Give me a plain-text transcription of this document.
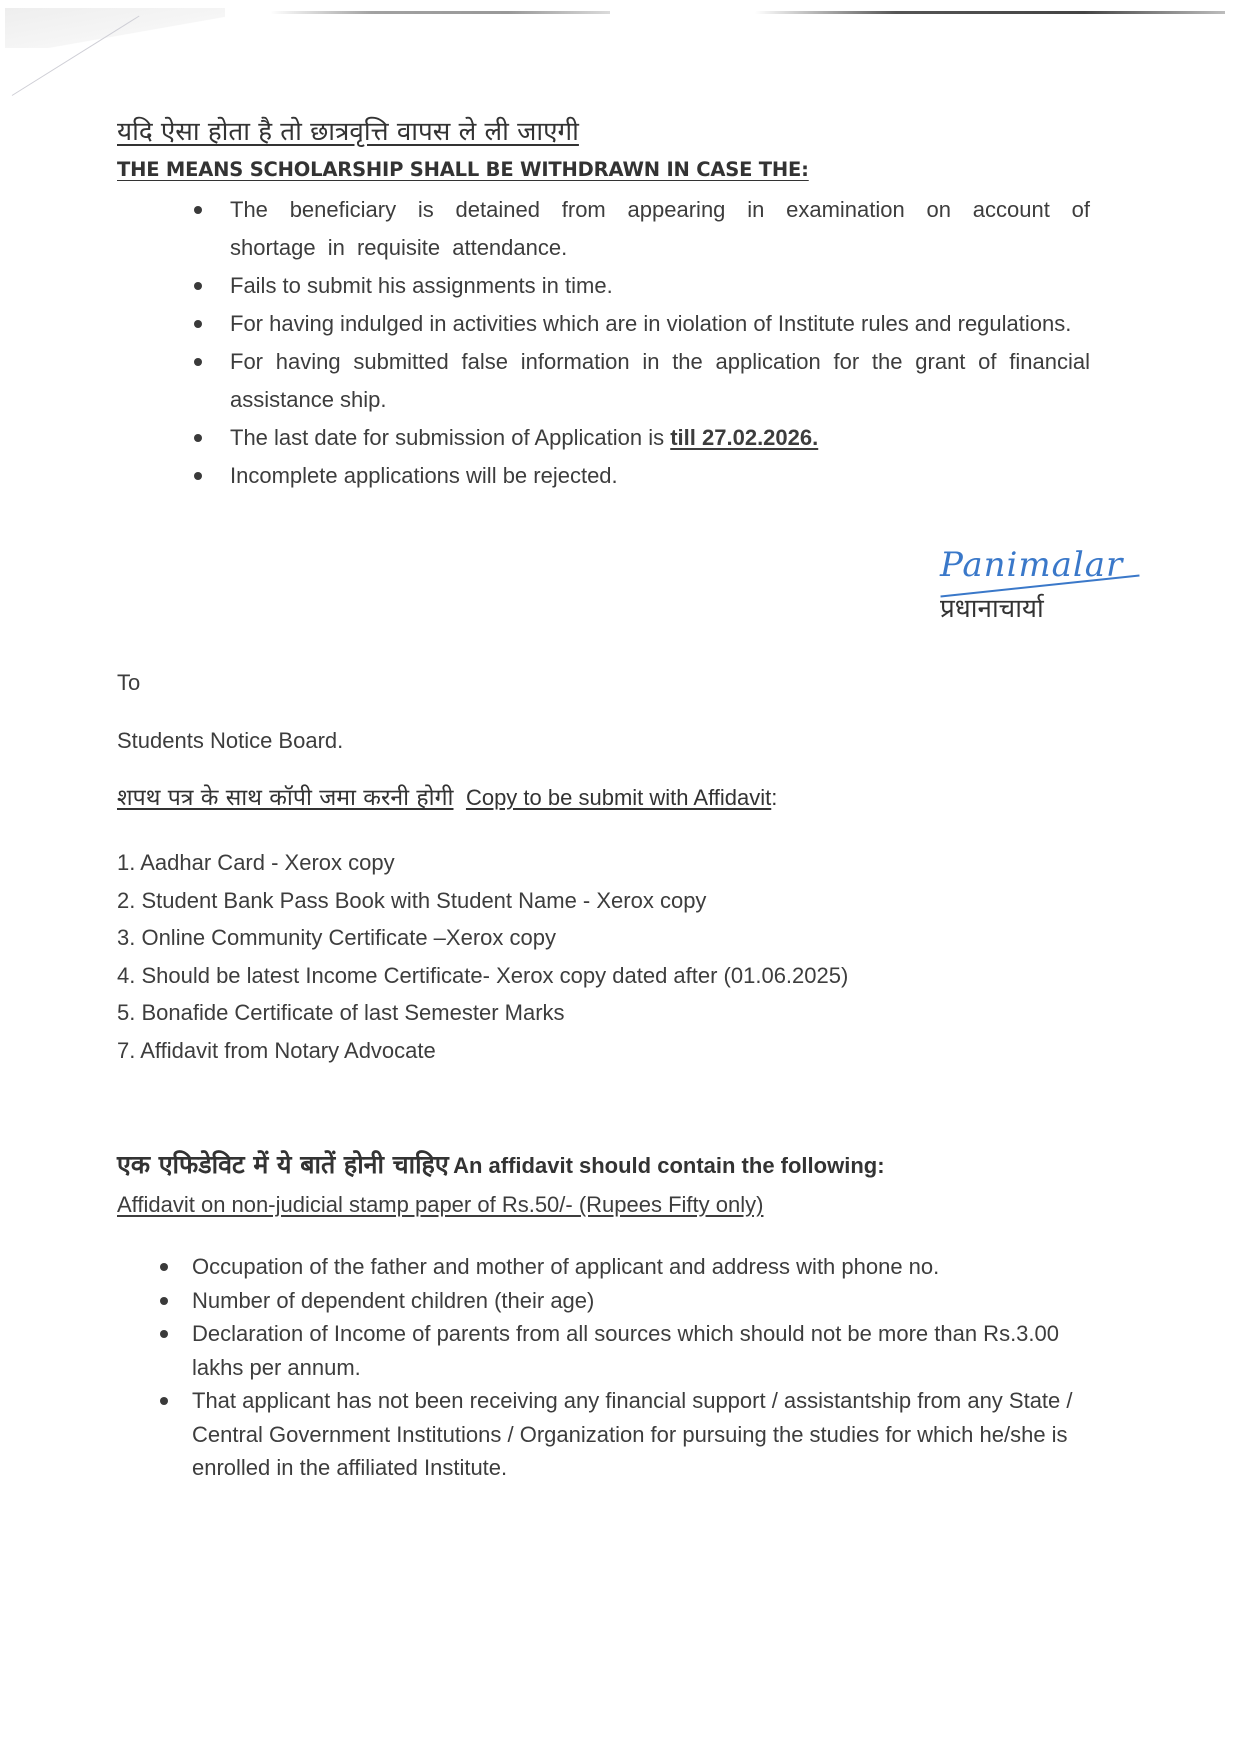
यदि ऐसा होता है तो छात्रवृत्ति वापस ले ली जाएगी
THE MEANS SCHOLARSHIP SHALL BE WITHDRAWN IN CASE THE:
The beneficiary is detained from appearing in examination on account of shortage in requisite attendance.
Fails to submit his assignments in time.
For having indulged in activities which are in violation of Institute rules and regulations.
For having submitted false information in the application for the grant of financial assistance ship.
The last date for submission of Application is till 27.02.2026.
Incomplete applications will be rejected.
Panimalar
प्रधानाचार्या
To
Students Notice Board.
शपथ पत्र के साथ कॉपी जमा करनी होगी Copy to be submit with Affidavit:
1. Aadhar Card - Xerox copy
2. Student Bank Pass Book with Student Name - Xerox copy
3. Online Community Certificate –Xerox copy
4. Should be latest Income Certificate- Xerox copy dated after (01.06.2025)
5. Bonafide Certificate of last Semester Marks
7. Affidavit from Notary Advocate
एक एफिडेविट में ये बातें होनी चाहिए An affidavit should contain the following:
Affidavit on non-judicial stamp paper of Rs.50/- (Rupees Fifty only)
Occupation of the father and mother of applicant and address with phone no.
Number of dependent children (their age)
Declaration of Income of parents from all sources which should not be more than Rs.3.00 lakhs per annum.
That applicant has not been receiving any financial support / assistantship from any State / Central Government Institutions / Organization for pursuing the studies for which he/she is enrolled in the affiliated Institute.
